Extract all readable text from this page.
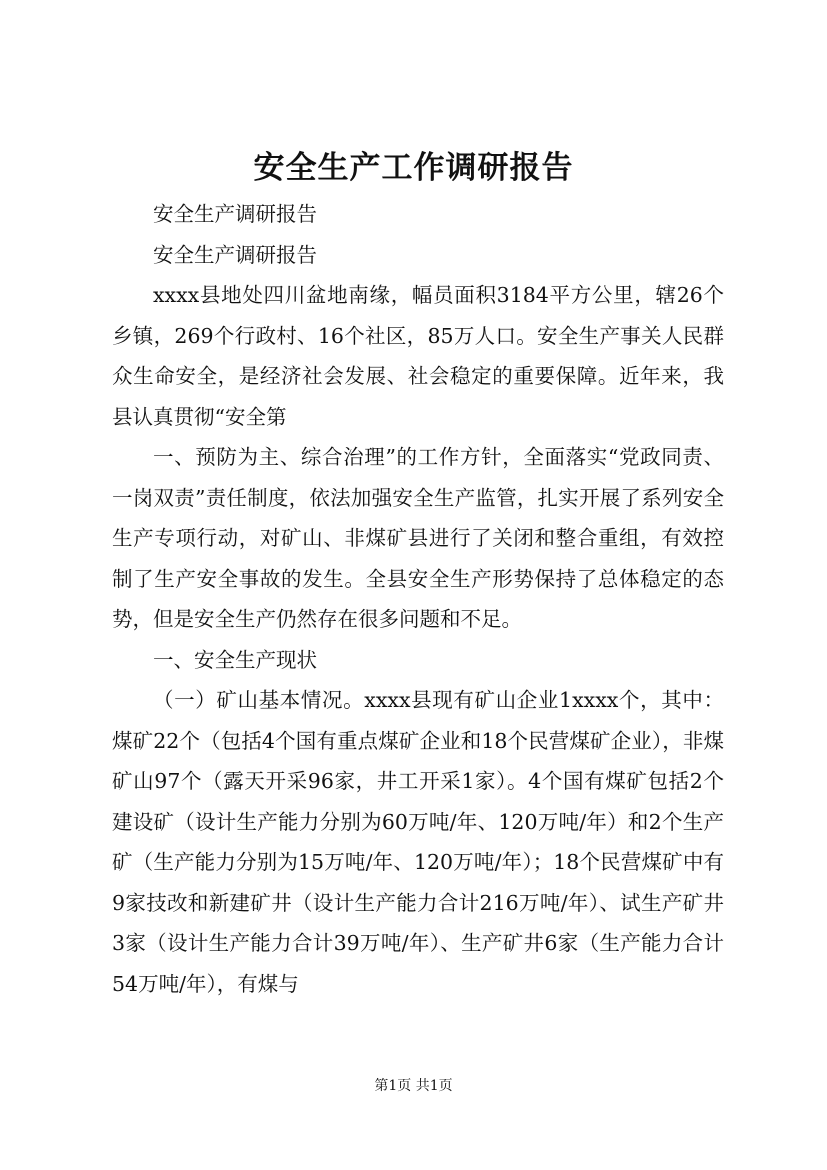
安全生产工作调研报告

安全生产调研报告

安全生产调研报告

xxxx县地处四川盆地南缘，幅员面积3184平方公里，辖26个乡镇，269个行政村、16个社区，85万人口。安全生产事关人民群众生命安全，是经济社会发展、社会稳定的重要保障。近年来，我县认真贯彻“安全第

一、预防为主、综合治理”的工作方针，全面落实“党政同责、一岗双责”责任制度，依法加强安全生产监管，扎实开展了系列安全生产专项行动，对矿山、非煤矿县进行了关闭和整合重组，有效控制了生产安全事故的发生。全县安全生产形势保持了总体稳定的态势，但是安全生产仍然存在很多问题和不足。

一、安全生产现状

（一）矿山基本情况。xxxx县现有矿山企业1xxxx个，其中：煤矿22个（包括4个国有重点煤矿企业和18个民营煤矿企业），非煤矿山97个（露天开采96家，井工开采1家）。4个国有煤矿包括2个建设矿（设计生产能力分别为60万吨/年、120万吨/年）和2个生产矿（生产能力分别为15万吨/年、120万吨/年）；18个民营煤矿中有9家技改和新建矿井（设计生产能力合计216万吨/年）、试生产矿井3家（设计生产能力合计39万吨/年）、生产矿井6家（生产能力合计54万吨/年），有煤与

第1页 共1页
